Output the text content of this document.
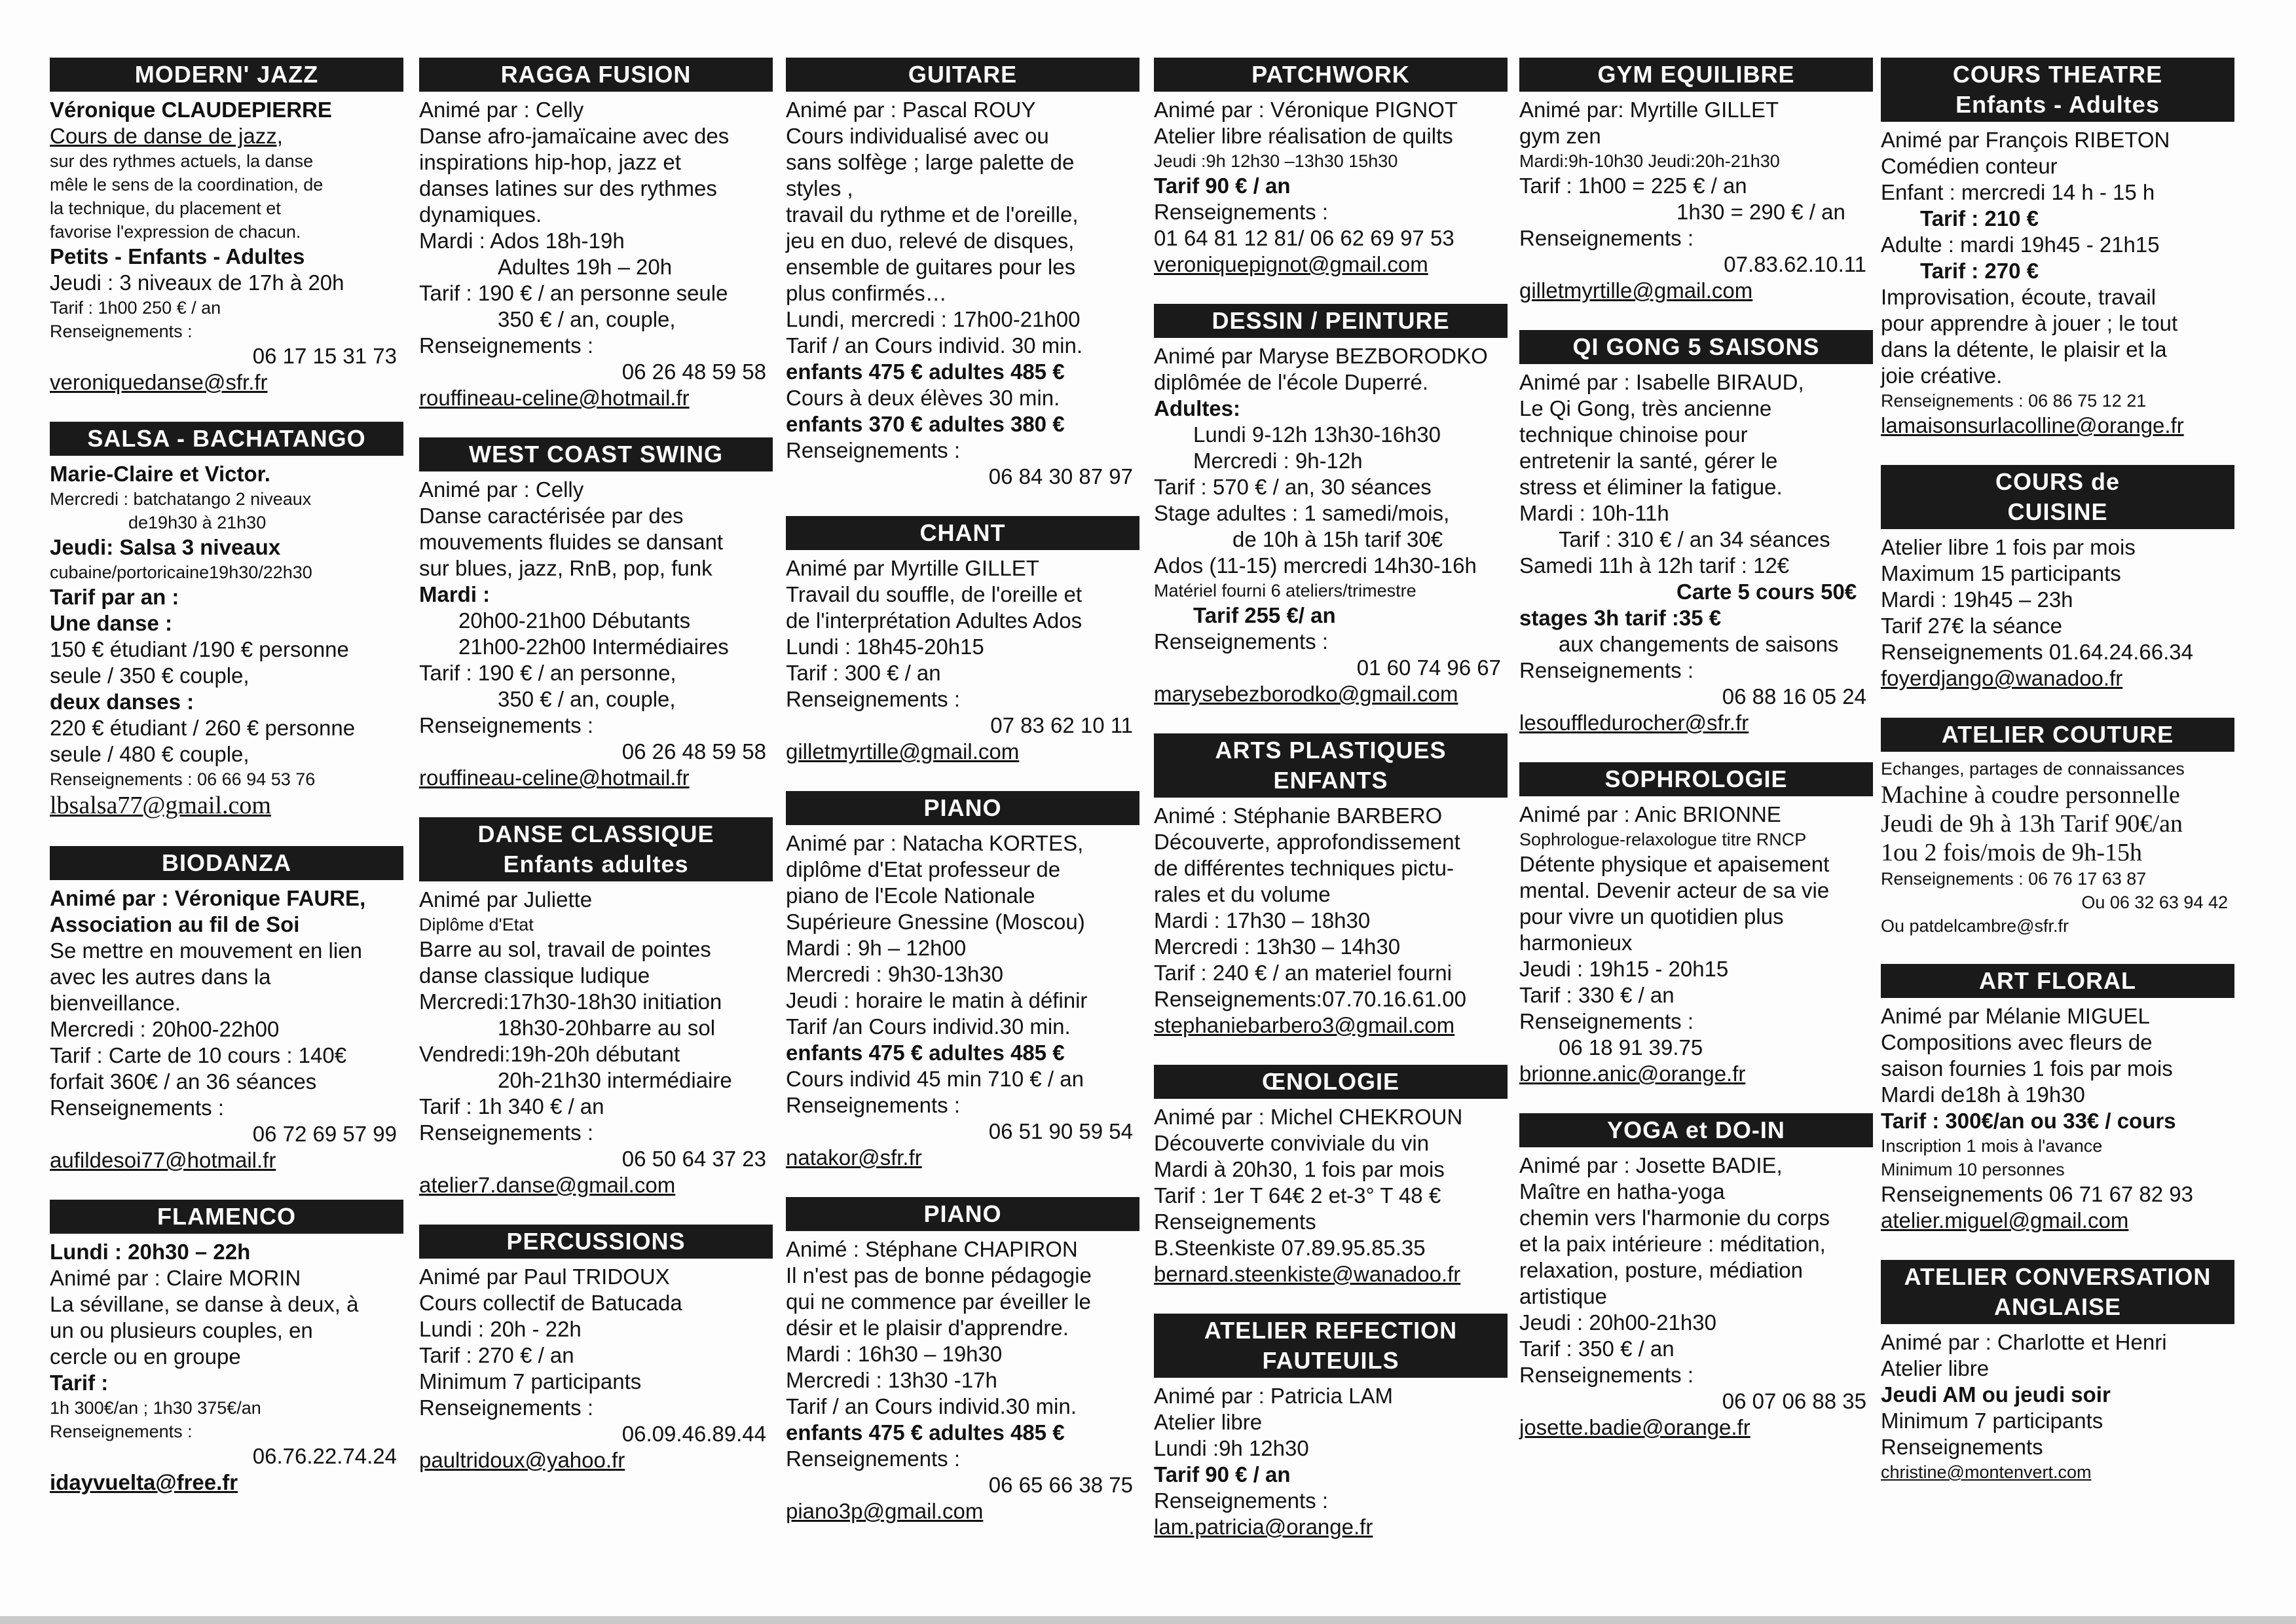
MODERN' JAZZ
Véronique CLAUDEPIERRE
Cours de danse de jazz,
sur des rythmes actuels, la danse
mêle le sens de la coordination, de
la technique, du placement et
favorise l'expression de chacun.
Petits - Enfants - Adultes
Jeudi : 3 niveaux de 17h à 20h
Tarif : 1h00 250 € / an
Renseignements :
06 17 15 31 73
veroniquedanse@sfr.fr
SALSA - BACHATANGO
Marie-Claire et Victor.
Mercredi : batchatango 2 niveaux
de19h30 à 21h30
Jeudi: Salsa 3 niveaux
cubaine/portoricaine19h30/22h30
Tarif par an :
Une danse :
150 € étudiant /190 € personne
seule / 350 € couple,
deux danses :
220 € étudiant / 260 € personne
seule / 480 € couple,
Renseignements : 06 66 94 53 76
lbsalsa77@gmail.com
BIODANZA
Animé par : Véronique FAURE,
Association au fil de Soi
Se mettre en mouvement en lien
avec les autres dans la
bienveillance.
Mercredi : 20h00-22h00
Tarif : Carte de 10 cours : 140€
forfait 360€ / an 36 séances
Renseignements :
06 72 69 57 99
aufildesoi77@hotmail.fr
FLAMENCO
Lundi : 20h30 – 22h
Animé par : Claire MORIN
La sévillane, se danse à deux, à
un ou plusieurs couples, en
cercle ou en groupe
Tarif :
1h 300€/an ; 1h30 375€/an
Renseignements :
06.76.22.74.24
idayvuelta@free.fr
RAGGA FUSION
Animé par : Celly
Danse afro-jamaïcaine avec des
inspirations hip-hop, jazz et
danses latines sur des rythmes
dynamiques.
Mardi : Ados 18h-19h
Adultes 19h – 20h
Tarif : 190 € / an personne seule
350 € / an, couple,
Renseignements :
06 26 48 59 58
rouffineau-celine@hotmail.fr
WEST COAST SWING
Animé par : Celly
Danse caractérisée par des
mouvements fluides se dansant
sur blues, jazz, RnB, pop, funk
Mardi :
20h00-21h00 Débutants
21h00-22h00 Intermédiaires
Tarif : 190 € / an personne,
350 € / an, couple,
Renseignements :
06 26 48 59 58
rouffineau-celine@hotmail.fr
DANSE CLASSIQUE
Enfants adultes
Animé par Juliette
Diplôme d'Etat
Barre au sol, travail de pointes
danse classique ludique
Mercredi:17h30-18h30 initiation
18h30-20hbarre au sol
Vendredi:19h-20h débutant
20h-21h30 intermédiaire
Tarif : 1h 340 € / an
Renseignements :
06 50 64 37 23
atelier7.danse@gmail.com
PERCUSSIONS
Animé par Paul TRIDOUX
Cours collectif de Batucada
Lundi : 20h - 22h
Tarif : 270 € / an
Minimum 7 participants
Renseignements :
06.09.46.89.44
paultridoux@yahoo.fr
GUITARE
Animé par : Pascal ROUY
Cours individualisé avec ou
sans solfège ; large palette de
styles ,
travail du rythme et de l'oreille,
jeu en duo, relevé de disques,
ensemble de guitares pour les
plus confirmés…
Lundi, mercredi : 17h00-21h00
Tarif / an Cours individ. 30 min.
enfants 475 € adultes 485 €
Cours à deux élèves 30 min.
enfants 370 € adultes 380 €
Renseignements :
06 84 30 87 97
CHANT
Animé par Myrtille GILLET
Travail du souffle, de l'oreille et
de l'interprétation Adultes Ados
Lundi : 18h45-20h15
Tarif : 300 € / an
Renseignements :
07 83 62 10 11
gilletmyrtille@gmail.com
PIANO
Animé par : Natacha KORTES,
diplôme d'Etat professeur de
piano de l'Ecole Nationale
Supérieure Gnessine (Moscou)
Mardi : 9h – 12h00
Mercredi : 9h30-13h30
Jeudi : horaire le matin à définir
Tarif /an Cours individ.30 min.
enfants 475 € adultes 485 €
Cours individ 45 min 710 € / an
Renseignements :
06 51 90 59 54
natakor@sfr.fr
PIANO
Animé : Stéphane CHAPIRON
Il n'est pas de bonne pédagogie
qui ne commence par éveiller le
désir et le plaisir d'apprendre.
Mardi : 16h30 – 19h30
Mercredi : 13h30 -17h
Tarif / an Cours individ.30 min.
enfants 475 € adultes 485 €
Renseignements :
06 65 66 38 75
piano3p@gmail.com
PATCHWORK
Animé par : Véronique PIGNOT
Atelier libre réalisation de quilts
Jeudi :9h 12h30 –13h30 15h30
Tarif 90 € / an
Renseignements :
01 64 81 12 81/ 06 62 69 97 53
veroniquepignot@gmail.com
DESSIN / PEINTURE
Animé par Maryse BEZBORODKO
diplômée de l'école Duperré.
Adultes:
Lundi 9-12h 13h30-16h30
Mercredi : 9h-12h
Tarif : 570 € / an, 30 séances
Stage adultes : 1 samedi/mois,
de 10h à 15h tarif 30€
Ados (11-15) mercredi 14h30-16h
Matériel fourni 6 ateliers/trimestre
Tarif 255 €/ an
Renseignements :
01 60 74 96 67
marysebezborodko@gmail.com
ARTS PLASTIQUES
ENFANTS
Animé : Stéphanie BARBERO
Découverte, approfondissement
de différentes techniques pictu-
rales et du volume
Mardi : 17h30 – 18h30
Mercredi : 13h30 – 14h30
Tarif : 240 € / an materiel fourni
Renseignements:07.70.16.61.00
stephaniebarbero3@gmail.com
ŒNOLOGIE
Animé par : Michel CHEKROUN
Découverte conviviale du vin
Mardi à 20h30, 1 fois par mois
Tarif : 1er T 64€ 2 et-3° T 48 €
Renseignements
B.Steenkiste 07.89.95.85.35
bernard.steenkiste@wanadoo.fr
ATELIER REFECTION
FAUTEUILS
Animé par : Patricia LAM
Atelier libre
Lundi :9h 12h30
Tarif 90 € / an
Renseignements :
lam.patricia@orange.fr
GYM EQUILIBRE
Animé par: Myrtille GILLET
gym zen
Mardi:9h-10h30 Jeudi:20h-21h30
Tarif : 1h00 = 225 € / an
1h30 = 290 € / an
Renseignements :
07.83.62.10.11
gilletmyrtille@gmail.com
QI GONG 5 SAISONS
Animé par : Isabelle BIRAUD,
Le Qi Gong, très ancienne
technique chinoise pour
entretenir la santé, gérer le
stress et éliminer la fatigue.
Mardi : 10h-11h
Tarif : 310 € / an 34 séances
Samedi 11h à 12h tarif : 12€
Carte 5 cours 50€
stages 3h tarif :35 €
aux changements de saisons
Renseignements :
06 88 16 05 24
lesouffledurocher@sfr.fr
SOPHROLOGIE
Animé par : Anic BRIONNE
Sophrologue-relaxologue titre RNCP
Détente physique et apaisement
mental. Devenir acteur de sa vie
pour vivre un quotidien plus
harmonieux
Jeudi : 19h15 - 20h15
Tarif : 330 € / an
Renseignements :
06 18 91 39.75
brionne.anic@orange.fr
YOGA et DO-IN
Animé par : Josette BADIE,
Maître en hatha-yoga
chemin vers l'harmonie du corps
et la paix intérieure : méditation,
relaxation, posture, médiation
artistique
Jeudi : 20h00-21h30
Tarif : 350 € / an
Renseignements :
06 07 06 88 35
josette.badie@orange.fr
COURS THEATRE
Enfants - Adultes
Animé par François RIBETON
Comédien conteur
Enfant : mercredi 14 h - 15 h
Tarif : 210 €
Adulte : mardi 19h45 - 21h15
Tarif : 270 €
Improvisation, écoute, travail
pour apprendre à jouer ; le tout
dans la détente, le plaisir et la
joie créative.
Renseignements : 06 86 75 12 21
lamaisonsurlacolline@orange.fr
COURS de
CUISINE
Atelier libre 1 fois par mois
Maximum 15 participants
Mardi : 19h45 – 23h
Tarif 27€ la séance
Renseignements 01.64.24.66.34
foyerdjango@wanadoo.fr
ATELIER COUTURE
Echanges, partages de connaissances
Machine à coudre personnelle
Jeudi de 9h à 13h Tarif 90€/an
1ou 2 fois/mois de 9h-15h
Renseignements : 06 76 17 63 87
Ou 06 32 63 94 42
Ou patdelcambre@sfr.fr
ART FLORAL
Animé par Mélanie MIGUEL
Compositions avec fleurs de
saison fournies 1 fois par mois
Mardi de18h à 19h30
Tarif : 300€/an ou 33€ / cours
Inscription 1 mois à l'avance
Minimum 10 personnes
Renseignements 06 71 67 82 93
atelier.miguel@gmail.com
ATELIER CONVERSATION
ANGLAISE
Animé par : Charlotte et Henri
Atelier libre
Jeudi AM ou jeudi soir
Minimum 7 participants
Renseignements
christine@montenvert.com
